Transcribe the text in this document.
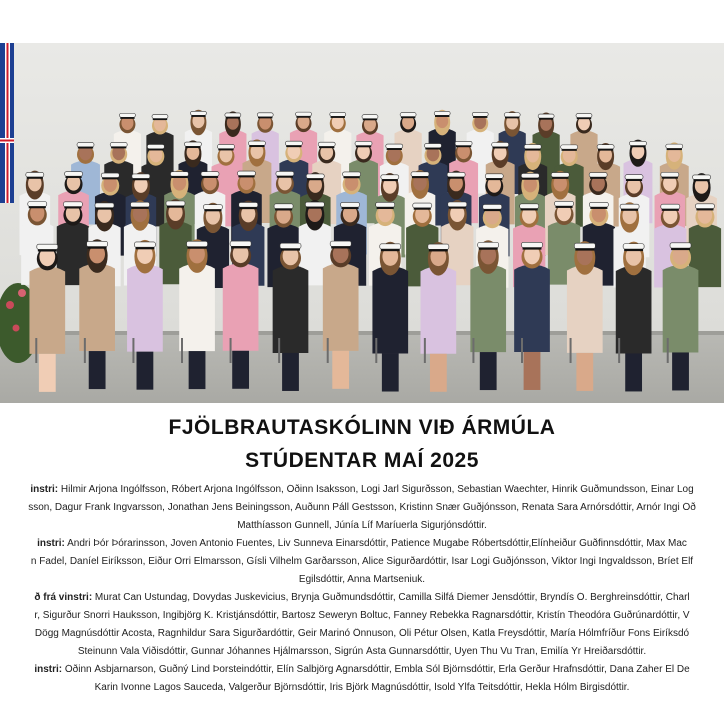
FJÖLBRAUTASKÓLINN VIÐ ÁRMÚLA
STÚDENTAR MAÍ 2025
instri: Hilmir Arjona Ingólfsson, Róbert Arjona Ingólfsson, Óðinn Ísaksson, Logi Jarl Sigurðsson, Sebastian Waechter, Hinrik Guðmundsson, Einar Log
sson, Dagur Frank Ingvarsson, Jonathan Jens Beiningsson, Auðunn Páll Gestsson, Kristinn Snær Guðjónsson, Renata Sara Arnórsdóttir, Arnór Ingi Óð
Matthíasson Gunnell, Júnía Líf Maríuerla Sigurjónsdóttir.
instri: Andri Þór Þórarinsson, Joven Antonio Fuentes, Liv Sunneva Einarsdóttir, Patience Mugabe Róbertsdóttir,Elínheiður Guðfinnsdóttir, Max Mac
n Fadel, Daníel Eiríksson, Eiður Orri Elmarsson, Gísli Vilhelm Garðarsson, Alice Sigurðardóttir, Ísar Logi Guðjónsson, Viktor Ingi Ingvaldsson, Bríet Elf
Egilsdóttir, Anna Martseniuk.
ð frá vinstri: Murat Can Ustundag, Dovydas Juskevicius, Brynja Guðmundsdóttir, Camilla Silfá Diemer Jensdóttir, Bryndís Ó. Berghreinsdóttir, Charl
r, Sigurður Snorri Hauksson, Ingibjörg K. Kristjánsdóttir, Bartosz Seweryn Boltuc, Fanney Rebekka Ragnarsdóttir, Kristín Theodóra Guðrúnardóttir, V
Dögg Magnúsdóttir Acosta, Ragnhildur Sara Sigurðardóttir, Geir Marinó Önnuson, Óli Pétur Olsen, Katla Freysdóttir, María Hólmfríður Fons Eiríksdó
Steinunn Vala Viðisdóttir, Gunnar Jóhannes Hjálmarsson, Sigrún Ásta Gunnarsdóttir, Uyen Thu Vu Tran, Emilía Ýr Hreiðarsdóttir.
instri: Óðinn Ásbjarnarson, Guðný Lind Þorsteindóttir, Elín Salbjörg Agnarsdóttir, Embla Sól Björnsdóttir, Erla Gerður Hrafnsdóttir, Dana Zaher El De
Karin Ivonne Lagos Sauceda, Valgerður Björnsdóttir, Íris Björk Magnúsdóttir, Ísold Ylfa Teitsdóttir, Hekla Hólm Birgisdóttir.
